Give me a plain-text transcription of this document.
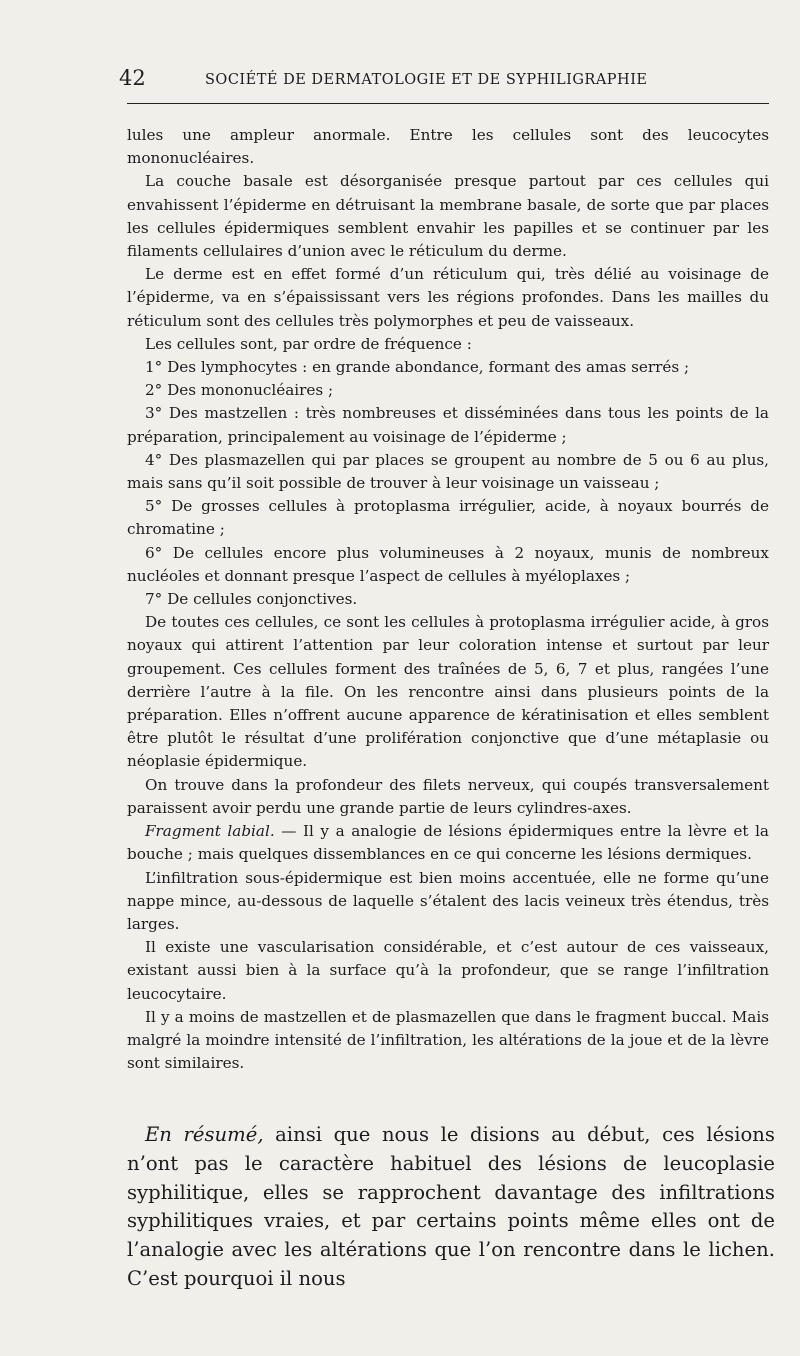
42	SOCIÉTÉ DE DERMATOLOGIE ET DE SYPHILIGRAPHIE

lules une ampleur anormale. Entre les cellules sont des leucocytes mononucléaires.

La couche basale est désorganisée presque partout par ces cellules qui envahissent l’épiderme en détruisant la membrane basale, de sorte que par places les cellules épidermiques semblent envahir les papilles et se continuer par les filaments cellulaires d’union avec le réticulum du derme.

Le derme est en effet formé d’un réticulum qui, très délié au voisinage de l’épiderme, va en s’épaississant vers les régions profondes. Dans les mailles du réticulum sont des cellules très polymorphes et peu de vaisseaux.

Les cellules sont, par ordre de fréquence :

1° Des lymphocytes : en grande abondance, formant des amas serrés ;

2° Des mononucléaires ;

3° Des mastzellen : très nombreuses et disséminées dans tous les points de la préparation, principalement au voisinage de l’épiderme ;

4° Des plasmazellen qui par places se groupent au nombre de 5 ou 6 au plus, mais sans qu’il soit possible de trouver à leur voisinage un vaisseau ;

5° De grosses cellules à protoplasma irrégulier, acide, à noyaux bourrés de chromatine ;

6° De cellules encore plus volumineuses à 2 noyaux, munis de nombreux nucléoles et donnant presque l’aspect de cellules à myéloplaxes ;

7° De cellules conjonctives.

De toutes ces cellules, ce sont les cellules à protoplasma irrégulier acide, à gros noyaux qui attirent l’attention par leur coloration intense et surtout par leur groupement. Ces cellules forment des traînées de 5, 6, 7 et plus, rangées l’une derrière l’autre à la file. On les rencontre ainsi dans plusieurs points de la préparation. Elles n’offrent aucune apparence de kératinisation et elles semblent être plutôt le résultat d’une prolifération conjonctive que d’une métaplasie ou néoplasie épidermique.

On trouve dans la profondeur des filets nerveux, qui coupés transversalement paraissent avoir perdu une grande partie de leurs cylindres-axes.

Fragment labial. — Il y a analogie de lésions épidermiques entre la lèvre et la bouche ; mais quelques dissemblances en ce qui concerne les lésions dermiques.

L’infiltration sous-épidermique est bien moins accentuée, elle ne forme qu’une nappe mince, au-dessous de laquelle s’étalent des lacis veineux très étendus, très larges.

Il existe une vascularisation considérable, et c’est autour de ces vaisseaux, existant aussi bien à la surface qu’à la profondeur, que se range l’infiltration leucocytaire.

Il y a moins de mastzellen et de plasmazellen que dans le fragment buccal. Mais malgré la moindre intensité de l’infiltration, les altérations de la joue et de la lèvre sont similaires.

En résumé, ainsi que nous le disions au début, ces lésions n’ont pas le caractère habituel des lésions de leucoplasie syphilitique, elles se rapprochent davantage des infiltrations syphilitiques vraies, et par certains points même elles ont de l’analogie avec les altérations que l’on rencontre dans le lichen. C’est pourquoi il nous
